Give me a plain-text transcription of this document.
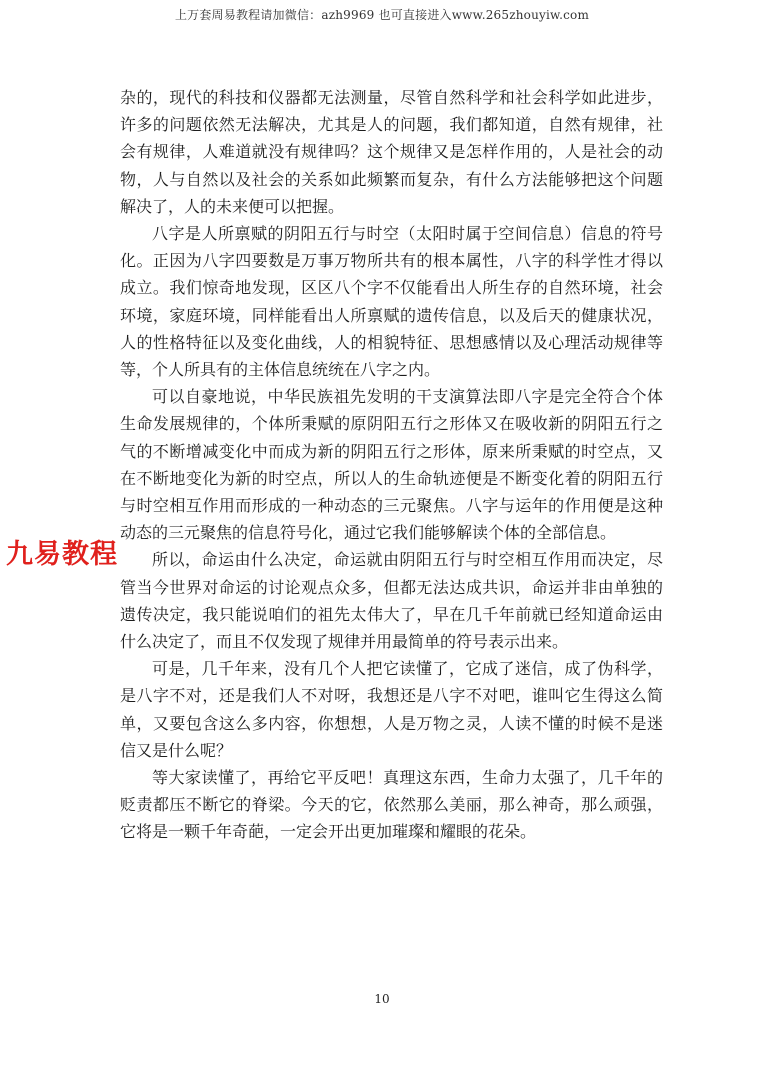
上万套周易教程请加微信：azh9969 也可直接进入www.265zhouyiw.com

杂的，现代的科技和仪器都无法测量，尽管自然科学和社会科学如此进步，许多的问题依然无法解决，尤其是人的问题，我们都知道，自然有规律，社会有规律，人难道就没有规律吗？这个规律又是怎样作用的，人是社会的动物，人与自然以及社会的关系如此频繁而复杂，有什么方法能够把这个问题解决了，人的未来便可以把握。

八字是人所禀赋的阴阳五行与时空（太阳时属于空间信息）信息的符号化。正因为八字四要数是万事万物所共有的根本属性，八字的科学性才得以成立。我们惊奇地发现，区区八个字不仅能看出人所生存的自然环境，社会环境，家庭环境，同样能看出人所禀赋的遗传信息，以及后天的健康状况，人的性格特征以及变化曲线，人的相貌特征、思想感情以及心理活动规律等等，个人所具有的主体信息统统在八字之内。

可以自豪地说，中华民族祖先发明的干支演算法即八字是完全符合个体生命发展规律的，个体所秉赋的原阴阳五行之形体又在吸收新的阴阳五行之气的不断增减变化中而成为新的阴阳五行之形体，原来所秉赋的时空点，又在不断地变化为新的时空点，所以人的生命轨迹便是不断变化着的阴阳五行与时空相互作用而形成的一种动态的三元聚焦。八字与运年的作用便是这种动态的三元聚焦的信息符号化，通过它我们能够解读个体的全部信息。

所以，命运由什么决定，命运就由阴阳五行与时空相互作用而决定，尽管当今世界对命运的讨论观点众多，但都无法达成共识，命运并非由单独的遗传决定，我只能说咱们的祖先太伟大了，早在几千年前就已经知道命运由什么决定了，而且不仅发现了规律并用最简单的符号表示出来。

可是，几千年来，没有几个人把它读懂了，它成了迷信，成了伪科学，是八字不对，还是我们人不对呀，我想还是八字不对吧，谁叫它生得这么简单，又要包含这么多内容，你想想，人是万物之灵，人读不懂的时候不是迷信又是什么呢？

等大家读懂了，再给它平反吧！真理这东西，生命力太强了，几千年的贬责都压不断它的脊梁。今天的它，依然那么美丽，那么神奇，那么顽强，它将是一颗千年奇葩，一定会开出更加璀璨和耀眼的花朵。

九易教程
10
